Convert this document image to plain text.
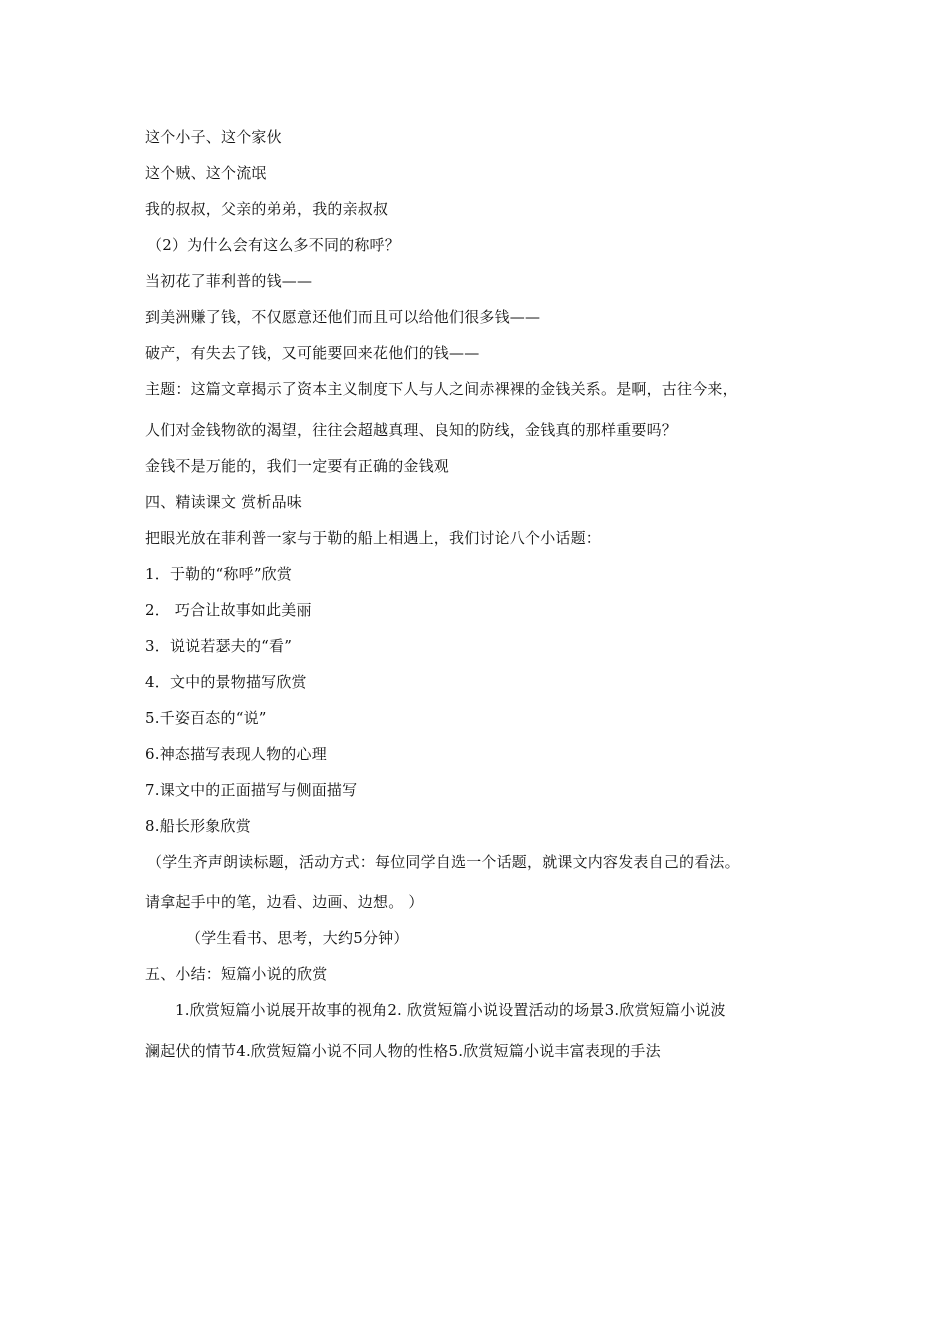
这个小子、这个家伙
这个贼、这个流氓
我的叔叔，父亲的弟弟，我的亲叔叔
（2）为什么会有这么多不同的称呼？
当初花了菲利普的钱——
到美洲赚了钱，不仅愿意还他们而且可以给他们很多钱——
破产，有失去了钱，又可能要回来花他们的钱——
主题：这篇文章揭示了资本主义制度下人与人之间赤裸裸的金钱关系。是啊，古往今来，
人们对金钱物欲的渴望，往往会超越真理、良知的防线，金钱真的那样重要吗？
金钱不是万能的，我们一定要有正确的金钱观
四、精读课文 赏析品味
把眼光放在菲利普一家与于勒的船上相遇上，我们讨论八个小话题：
1．于勒的“称呼”欣赏
2． 巧合让故事如此美丽
3．说说若瑟夫的“看”
4．文中的景物描写欣赏
5.千姿百态的“说”
6.神态描写表现人物的心理
7.课文中的正面描写与侧面描写
8.船长形象欣赏
（学生齐声朗读标题，活动方式：每位同学自选一个话题，就课文内容发表自己的看法。
请拿起手中的笔，边看、边画、边想。 ）
（学生看书、思考，大约5分钟）
五、小结：短篇小说的欣赏
1.欣赏短篇小说展开故事的视角2. 欣赏短篇小说设置活动的场景3.欣赏短篇小说波
澜起伏的情节4.欣赏短篇小说不同人物的性格5.欣赏短篇小说丰富表现的手法
